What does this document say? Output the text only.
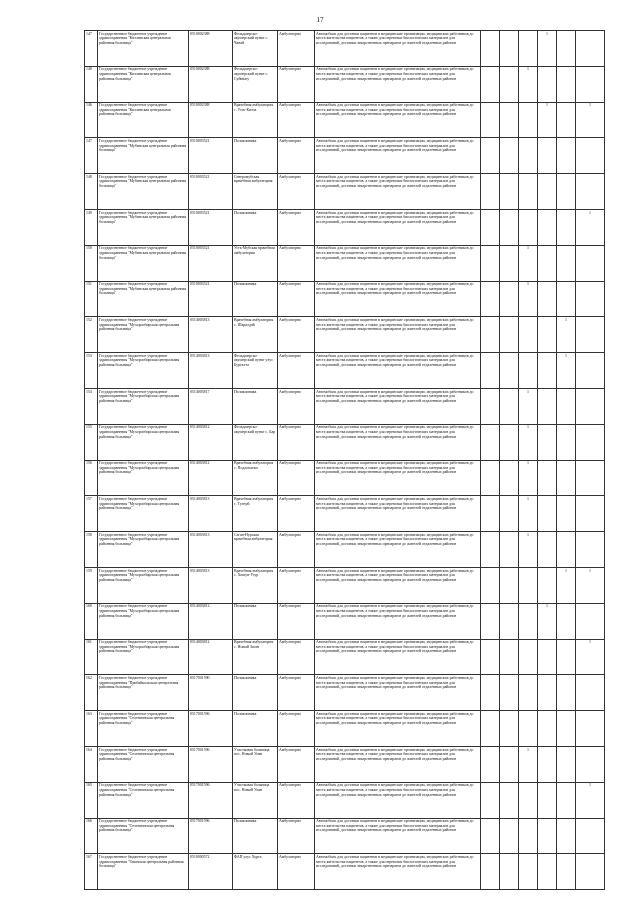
17
147	Государственное бюджетное учреждение здравоохранения "Кизлинская центральная районная больница"	0510002388	Фельдшерско-акушерский пункт с. Чанай	Амбулаторно	Автомобиль для доставки пациентов в медицинские организации, медицинских работников до места жительства пациентов, а также для перевозки биологических материалов для исследований, доставки лекарственных препаратов до жителей отдаленных районов				1		
148	Государственное бюджетное учреждение здравоохранения "Кизлинская центральная районная больница"	0510002388	Фельдшерско-акушерский пункт с. Суймыгу	Амбулаторно	Автомобиль для доставки пациентов в медицинские организации, медицинских работников до места жительства пациентов, а также для перевозки биологических материалов для исследований, доставки лекарственных препаратов до жителей отдаленных районов			1			
146	Государственное бюджетное учреждение здравоохранения "Кизлинская центральная районная больница"	0510002388	Врачебная амбулатория с. Усть-Кизла	Амбулаторно	Автомобиль для доставки пациентов в медицинские организации, медицинских работников до места жительства пациентов, а также для перевозки биологических материалов для исследований, доставки лекарственных препаратов до жителей отдаленных районов				1		1
147	Государственное бюджетное учреждение здравоохранения "Мубинская центральная районная больница"	0510003521	Поликлиника	Амбулаторно	Автомобиль для доставки пациентов в медицинские организации, медицинских работников до места жительства пациентов, а также для перевозки биологических материалов для исследований, доставки лекарственных препаратов до жителей отдаленных районов						
148	Государственное бюджетное учреждение здравоохранения "Мубинская центральная районная больница"	0510003521	Северомубская врачебная амбулатория	Амбулаторно	Автомобиль для доставки пациентов в медицинские организации, медицинских работников до места жительства пациентов, а также для перевозки биологических материалов для исследований, доставки лекарственных препаратов до жителей отдаленных районов						
149	Государственное бюджетное учреждение здравоохранения "Мубинская центральная районная больница"	0510003521	Поликлиника	Амбулаторно	Автомобиль для доставки пациентов в медицинские организации, медицинских работников до места жительства пациентов, а также для перевозки биологических материалов для исследований, доставки лекарственных препаратов до жителей отдаленных районов						1
150	Государственное бюджетное учреждение здравоохранения "Мубинская центральная районная больница"	0510003521	Усть-Мубская врачебная амбулатория	Амбулаторно	Автомобиль для доставки пациентов в медицинские организации, медицинских работников до места жительства пациентов, а также для перевозки биологических материалов для исследований, доставки лекарственных препаратов до жителей отдаленных районов			1			
151	Государственное бюджетное учреждение здравоохранения "Мубинская центральная районная больница"	0510003521	Поликлиника	Амбулаторно	Автомобиль для доставки пациентов в медицинские организации, медицинских работников до места жительства пациентов, а также для перевозки биологических материалов для исследований, доставки лекарственных препаратов до жителей отдаленных районов			1			
152	Государственное бюджетное учреждение здравоохранения "Мухорсибирская центральная районная больница"	0514003813	Врачебная амбулатория с. Шаралдай	Амбулаторно	Автомобиль для доставки пациентов в медицинские организации, медицинских работников до места жительства пациентов, а также для перевозки биологических материалов для исследований, доставки лекарственных препаратов до жителей отдаленных районов					1	
153	Государственное бюджетное учреждение здравоохранения "Мухорсибирская центральная районная больница"	0514003813	Фельдшерско-акушерский пункт улус Бургалта	Амбулаторно	Автомобиль для доставки пациентов в медицинские организации, медицинских работников до места жительства пациентов, а также для перевозки биологических материалов для исследований, доставки лекарственных препаратов до жителей отдаленных районов					1	
154	Государственное бюджетное учреждение здравоохранения "Мухорсибирская центральная районная больница"	0514003817	Поликлиника	Амбулаторно	Автомобиль для доставки пациентов в медицинские организации, медицинских работников до места жительства пациентов, а также для перевозки биологических материалов для исследований, доставки лекарственных препаратов до жителей отдаленных районов			1			
155	Государственное бюджетное учреждение здравоохранения "Мухорсибирская центральная районная больница"	0514003812	Фельдшерско-акушерский пункт с. Бар	Амбулаторно	Автомобиль для доставки пациентов в медицинские организации, медицинских работников до места жительства пациентов, а также для перевозки биологических материалов для исследований, доставки лекарственных препаратов до жителей отдаленных районов			1			
156	Государственное бюджетное учреждение здравоохранения "Мухорсибирская центральная районная больница"	0514003812	Врачебная амбулатория с. Подлопатки	Амбулаторно	Автомобиль для доставки пациентов в медицинские организации, медицинских работников до места жительства пациентов, а также для перевозки биологических материалов для исследований, доставки лекарственных препаратов до жителей отдаленных районов			1			
157	Государственное бюджетное учреждение здравоохранения "Мухорсибирская центральная районная больница"	0514003813	Врачебная амбулатория с. Тугнуй	Амбулаторно	Автомобиль для доставки пациентов в медицинские организации, медицинских работников до места жительства пациентов, а также для перевозки биологических материалов для исследований, доставки лекарственных препаратов до жителей отдаленных районов			1			
158	Государственное бюджетное учреждение здравоохранения "Мухорсибирская центральная районная больница"	0514003813	Саган-Нурская врачебная амбулатория	Амбулаторно	Автомобиль для доставки пациентов в медицинские организации, медицинских работников до места жительства пациентов, а также для перевозки биологических материалов для исследований, доставки лекарственных препаратов до жителей отдаленных районов			1			
159	Государственное бюджетное учреждение здравоохранения "Мухорсибирская центральная районная больница"	0514003813	Врачебная амбулатория с. Хошун-Узур	Амбулаторно	Автомобиль для доставки пациентов в медицинские организации, медицинских работников до места жительства пациентов, а также для перевозки биологических материалов для исследований, доставки лекарственных препаратов до жителей отдаленных районов					1	1
160	Государственное бюджетное учреждение здравоохранения "Мухорсибирская центральная районная больница"	0514003812	Поликлиника	Амбулаторно	Автомобиль для доставки пациентов в медицинские организации, медицинских работников до места жительства пациентов, а также для перевозки биологических материалов для исследований, доставки лекарственных препаратов до жителей отдаленных районов				1		
161	Государственное бюджетное учреждение здравоохранения "Мухорсибирская центральная районная больница"	0514003812	Врачебная амбулатория с. Новый Заган	Амбулаторно	Автомобиль для доставки пациентов в медицинские организации, медицинских работников до места жительства пациентов, а также для перевозки биологических материалов для исследований, доставки лекарственных препаратов до жителей отдаленных районов						1
162	Государственное бюджетное учреждение здравоохранения "Прибайкальская центральная районная больница"	0517001590	Поликлиника	Амбулаторно	Автомобиль для доставки пациентов в медицинские организации, медицинских работников до места жительства пациентов, а также для перевозки биологических материалов для исследований, доставки лекарственных препаратов до жителей отдаленных районов						
163	Государственное бюджетное учреждение здравоохранения "Селенгинская центральная районная больница"	0517001596	Поликлиника	Амбулаторно	Автомобиль для доставки пациентов в медицинские организации, медицинских работников до места жительства пациентов, а также для перевозки биологических материалов для исследований, доставки лекарственных препаратов до жителей отдаленных районов						
164	Государственное бюджетное учреждение здравоохранения "Селенгинская центральная районная больница"	0517001596	Участковая больница пос. Новый Уоян	Амбулаторно	Автомобиль для доставки пациентов в медицинские организации, медицинских работников до места жительства пациентов, а также для перевозки биологических материалов для исследований, доставки лекарственных препаратов до жителей отдаленных районов			1			
165	Государственное бюджетное учреждение здравоохранения "Селенгинская центральная районная больница"	0517001596	Участковая больница пос. Новый Уоян	Амбулаторно	Автомобиль для доставки пациентов в медицинские организации, медицинских работников до места жительства пациентов, а также для перевозки биологических материалов для исследований, доставки лекарственных препаратов до жителей отдаленных районов						1
166	Государственное бюджетное учреждение здравоохранения "Селенгинская центральная районная больница"	0517001596	Поликлиника	Амбулаторно	Автомобиль для доставки пациентов в медицинские организации, медицинских работников до места жительства пациентов, а также для перевозки биологических материалов для исследований, доставки лекарственных препаратов до жителей отдаленных районов						
167	Государственное бюджетное учреждение здравоохранения "Окинская центральная районная больница"	0510000572	ФАП улус Хурга	Амбулаторно	Автомобиль для доставки пациентов в медицинские организации, медицинских работников до места жительства пациентов, а также для перевозки биологических материалов для исследований, доставки лекарственных препаратов до жителей отдаленных районов						
